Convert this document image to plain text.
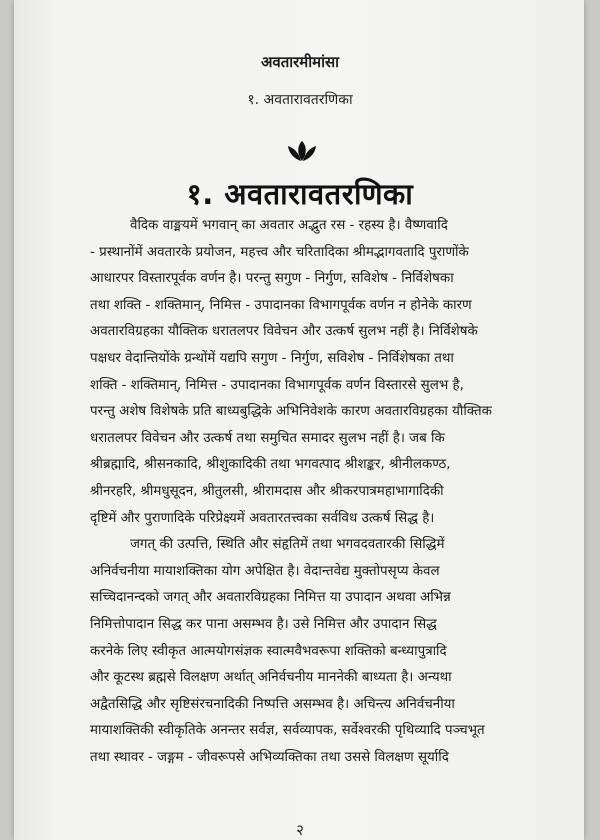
अवतारमीमांसा
१. अवतारावतरणिका
१. अवतारावतरणिका
वैदिक वाङ्मयमें भगवान् का अवतार अद्भुत रस - रहस्य है। वैष्णवादि
- प्रस्थानोंमें अवतारके प्रयोजन, महत्त्व और चरितादिका श्रीमद्भागवतादि पुराणोंके
आधारपर विस्तारपूर्वक वर्णन है। परन्तु सगुण - निर्गुण, सविशेष - निर्विशेषका
तथा शक्ति - शक्तिमान्, निमित्त - उपादानका विभागपूर्वक वर्णन न होनेके कारण
अवतारविग्रहका यौक्तिक धरातलपर विवेचन और उत्कर्ष सुलभ नहीं है। निर्विशेषके
पक्षधर वेदान्तियोंके ग्रन्थोंमें यद्यपि सगुण - निर्गुण, सविशेष - निर्विशेषका तथा
शक्ति - शक्तिमान्, निमित्त - उपादानका विभागपूर्वक वर्णन विस्तारसे सुलभ है,
परन्तु अशेष विशेषके प्रति बाध्यबुद्धिके अभिनिवेशके कारण अवतारविग्रहका यौक्तिक
धरातलपर विवेचन और उत्कर्ष तथा समुचित समादर सुलभ नहीं है। जब कि
श्रीब्रह्मादि, श्रीसनकादि, श्रीशुकादिकी तथा भगवत्पाद श्रीशङ्कर, श्रीनीलकण्ठ,
श्रीनरहरि, श्रीमधुसूदन, श्रीतुलसी, श्रीरामदास और श्रीकरपात्रमहाभागादिकी
दृष्टिमें और पुराणादिके परिप्रेक्ष्यमें अवतारतत्त्वका सर्वविध उत्कर्ष सिद्ध है।
जगत् की उत्पत्ति, स्थिति और संहृतिमें तथा भगवदवतारकी सिद्धिमें
अनिर्वचनीया मायाशक्तिका योग अपेक्षित है। वेदान्तवेद्य मुक्तोपसृप्य केवल
सच्चिदानन्दको जगत् और अवतारविग्रहका निमित्त या उपादान अथवा अभिन्न
निमित्तोपादान सिद्ध कर पाना असम्भव है। उसे निमित्त और उपादान सिद्ध
करनेके लिए स्वीकृत आत्मयोगसंज्ञक स्वात्मवैभवरूपा शक्तिको बन्ध्यापुत्रादि
और कूटस्थ ब्रह्मसे विलक्षण अर्थात् अनिर्वचनीय माननेकी बाध्यता है। अन्यथा
अद्वैतसिद्धि और सृष्टिसंरचनादिकी निष्पत्ति असम्भव है। अचिन्त्य अनिर्वचनीया
मायाशक्तिकी स्वीकृतिके अनन्तर सर्वज्ञ, सर्वव्यापक, सर्वेश्वरकी पृथिव्यादि पञ्चभूत
तथा स्थावर - जङ्गम - जीवरूपसे अभिव्यक्तिका तथा उससे विलक्षण सूर्यादि
२
